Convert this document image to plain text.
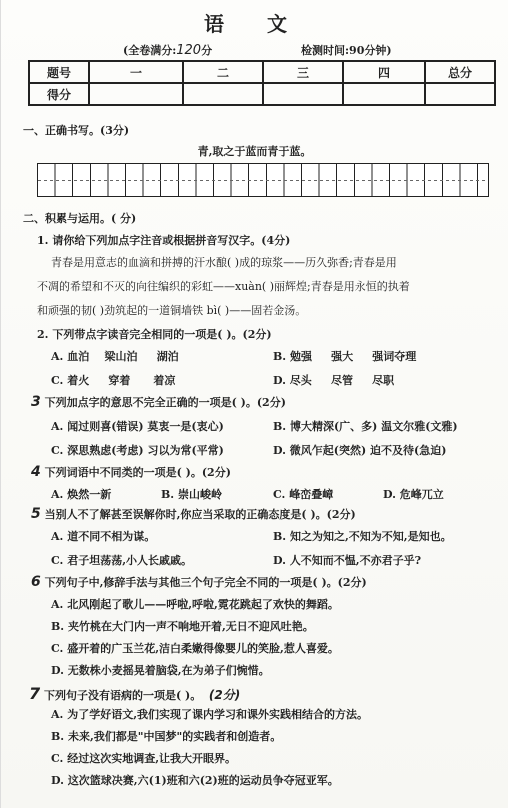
语 文
(全卷满分:120分	检测时间:90分钟)
题号	一	二	三	四	总分
得分					
一、正确书写。(3分)
青,取之于蓝而青于蓝。
二、积累与运用。( 分)
1. 请你给下列加点字注音或根据拼音写汉字。(4分)
青春是用意志的血滴和拼搏的汗水酿( )成的琼浆——历久弥香;青春是用
不凋的希望和不灭的向往编织的彩虹——xuàn( )丽辉煌;青春是用永恒的执着
和顽强的韧( )劲筑起的一道铜墙铁 bì( )——固若金汤。
2. 下列带点字读音完全相同的一项是( )。(2分)
A. 血泊 梁山泊 湖泊	B. 勉强 强大 强词夺理
C. 着火 穿着 着凉	D. 尽头 尽管 尽职
3 下列加点字的意思不完全正确的一项是( )。(2分)
A. 闻过则喜(错误) 莫衷一是(衷心)	B. 博大精深(广、多) 温文尔雅(文雅)
C. 深思熟虑(考虑) 习以为常(平常)	D. 微风乍起(突然) 迫不及待(急迫)
4 下列词语中不同类的一项是( )。(2分)
A. 焕然一新	B. 崇山峻岭	C. 峰峦叠嶂	D. 危峰兀立
5 当别人不了解甚至误解你时,你应当采取的正确态度是( )。(2分)
A. 道不同不相为谋。	B. 知之为知之,不知为不知,是知也。
C. 君子坦荡荡,小人长戚戚。	D. 人不知而不愠,不亦君子乎?
6 下列句子中,修辞手法与其他三个句子完全不同的一项是( )。(2分)
A. 北风刚起了歌儿——呼啦,呼啦,霓花跳起了欢快的舞蹈。
B. 夹竹桃在大门内一声不响地开着,无日不迎风吐艳。
C. 盛开着的广玉兰花,洁白柔嫩得像婴儿的笑脸,惹人喜爱。
D. 无数株小麦摇晃着脑袋,在为弟子们惋惜。
7 下列句子没有语病的一项是( )。 (2分)
A. 为了学好语文,我们实现了课内学习和课外实践相结合的方法。
B. 未来,我们都是"中国梦"的实践者和创造者。
C. 经过这次实地调查,让我大开眼界。
D. 这次篮球决赛,六(1)班和六(2)班的运动员争夺冠亚军。
